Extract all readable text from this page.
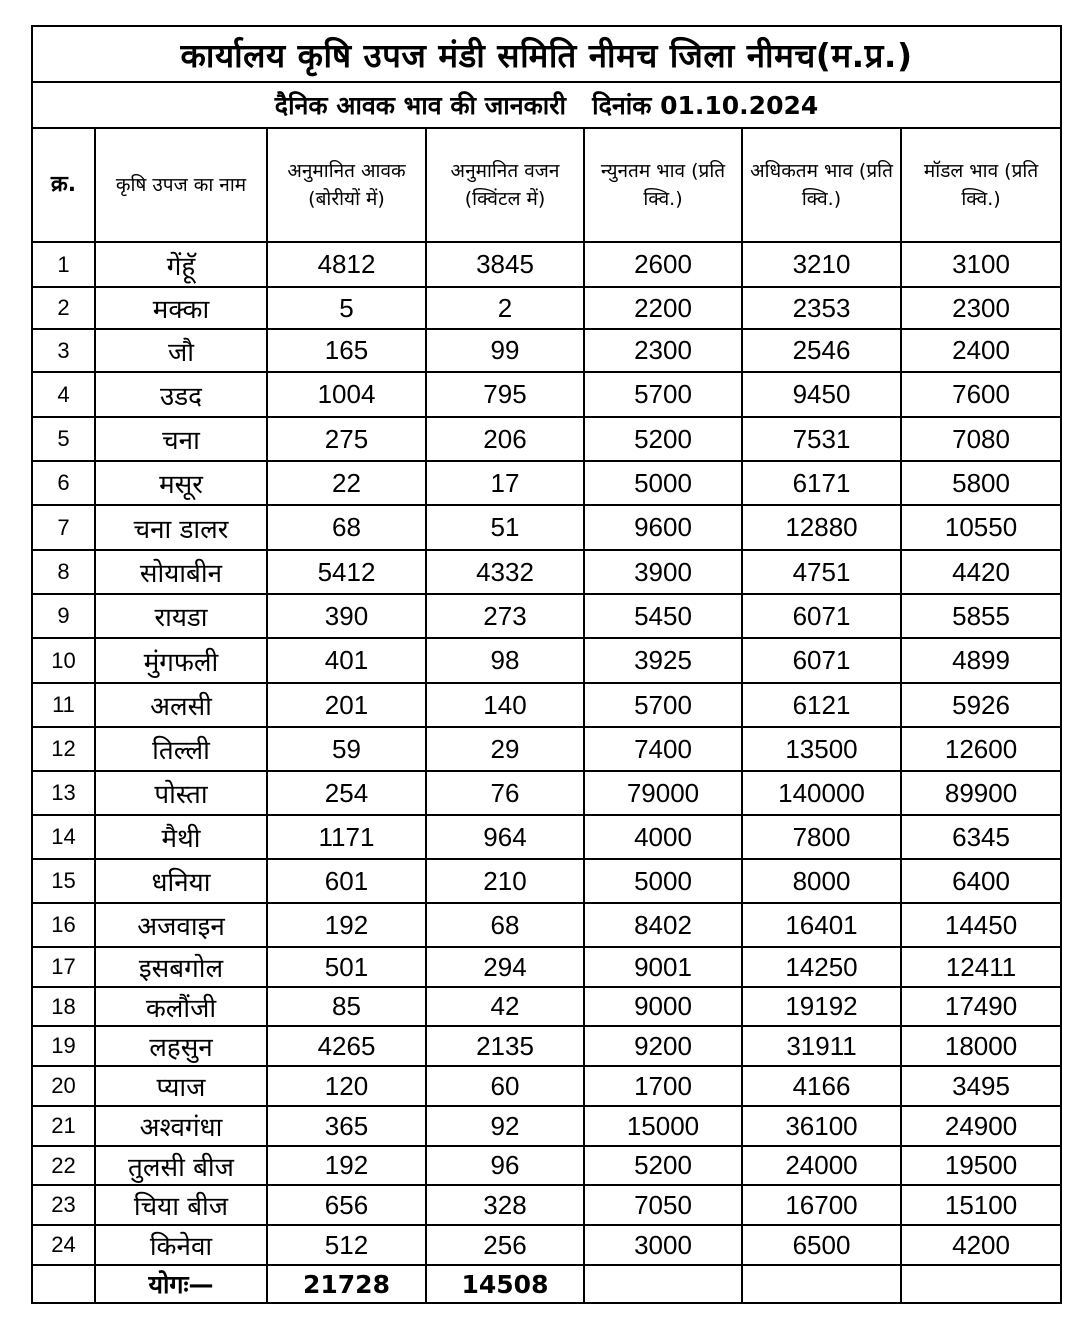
कार्यालय कृषि उपज मंडी समिति नीमच जिला नीमच(म.प्र.)						
दैनिक आवक भाव की जानकारी   दिनांक 01.10.2024						
क्र.	कृषि उपज का नाम	अनुमानित आवक (बोरीयों में)	अनुमानित वजन (क्विंटल में)	न्युनतम भाव (प्रति क्वि.)	अधिकतम भाव (प्रति क्वि.)	मॉडल भाव (प्रति क्वि.)
1	गेंहूॅ	4812	3845	2600	3210	3100
2	मक्का	5	2	2200	2353	2300
3	जौ	165	99	2300	2546	2400
4	उडद	1004	795	5700	9450	7600
5	चना	275	206	5200	7531	7080
6	मसूर	22	17	5000	6171	5800
7	चना डालर	68	51	9600	12880	10550
8	सोयाबीन	5412	4332	3900	4751	4420
9	रायडा	390	273	5450	6071	5855
10	मुंगफली	401	98	3925	6071	4899
11	अलसी	201	140	5700	6121	5926
12	तिल्ली	59	29	7400	13500	12600
13	पोस्ता	254	76	79000	140000	89900
14	मैथी	1171	964	4000	7800	6345
15	धनिया	601	210	5000	8000	6400
16	अजवाइन	192	68	8402	16401	14450
17	इसबगोल	501	294	9001	14250	12411
18	कलौंजी	85	42	9000	19192	17490
19	लहसुन	4265	2135	9200	31911	18000
20	प्याज	120	60	1700	4166	3495
21	अश्वगंधा	365	92	15000	36100	24900
22	तुलसी बीज	192	96	5200	24000	19500
23	चिया बीज	656	328	7050	16700	15100
24	किनेवा	512	256	3000	6500	4200
	योगः—	21728	14508			
